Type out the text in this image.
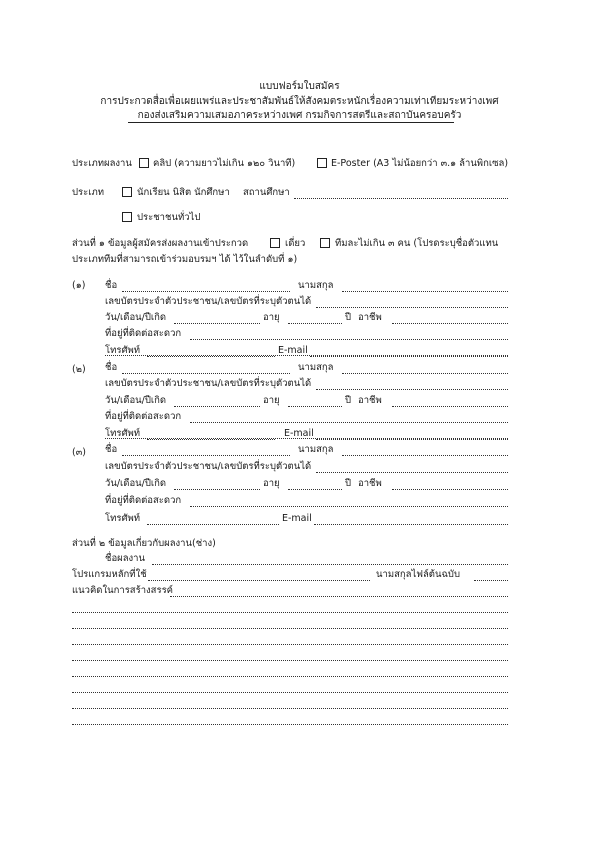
แบบฟอร์มใบสมัคร
การประกวดสื่อเพื่อเผยแพร่และประชาสัมพันธ์ให้สังคมตระหนักเรื่องความเท่าเทียมระหว่างเพศ
กองส่งเสริมความเสมอภาคระหว่างเพศ กรมกิจการสตรีและสถาบันครอบครัว
ประเภทผลงาน คลิป (ความยาวไม่เกิน ๑๒๐ วินาที)	E-Poster (A3 ไม่น้อยกว่า ๓.๑ ล้านพิกเซล)
ประเภท	นักเรียน นิสิต นักศึกษา สถานศึกษา
ประชาชนทั่วไป
ส่วนที่ ๑ ข้อมูลผู้สมัครส่งผลงานเข้าประกวด	เดี่ยว	ทีมละไม่เกิน ๓ คน (โปรดระบุชื่อตัวแทน
ประเภททีมที่สามารถเข้าร่วมอบรมฯ ได้ ไว้ในลำดับที่ ๑)
(๑) ชื่อ	นามสกุล
เลขบัตรประจำตัวประชาชน/เลขบัตรที่ระบุตัวตนได้
วัน/เดือน/ปีเกิด	อายุ	ปี อาชีพ
ที่อยู่ที่ติดต่อสะดวก
โทรศัพท์	E-mail
(๒) ชื่อ	นามสกุล
เลขบัตรประจำตัวประชาชน/เลขบัตรที่ระบุตัวตนได้
วัน/เดือน/ปีเกิด	อายุ	ปี อาชีพ
ที่อยู่ที่ติดต่อสะดวก
โทรศัพท์	E-mail
(๓) ชื่อ	นามสกุล
เลขบัตรประจำตัวประชาชน/เลขบัตรที่ระบุตัวตนได้
วัน/เดือน/ปีเกิด	อายุ	ปี อาชีพ
ที่อยู่ที่ติดต่อสะดวก
โทรศัพท์	E-mail
ส่วนที่ ๒ ข้อมูลเกี่ยวกับผลงาน(ช่าง)
ชื่อผลงาน
โปรแกรมหลักที่ใช้	นามสกุลไฟล์ต้นฉบับ
แนวคิดในการสร้างสรรค์
